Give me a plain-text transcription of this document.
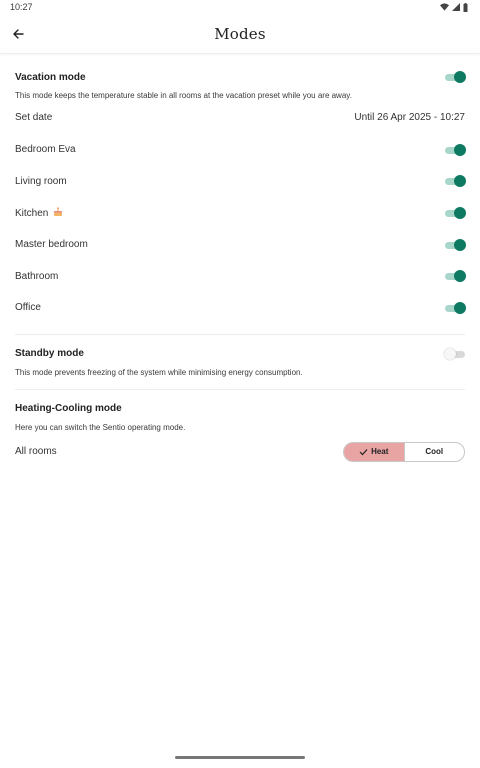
10:27
Modes
Vacation mode

This mode keeps the temperature stable in all rooms at the vacation preset while you are away.

Set date	Until 26 Apr 2025 - 10:27
Bedroom Eva
Living room
Kitchen
Master bedroom
Bathroom
Office
Standby mode

This mode prevents freezing of the system while minimising energy consumption.

Heating-Cooling mode

Here you can switch the Sentio operating mode.

All rooms	Heat	Cool
